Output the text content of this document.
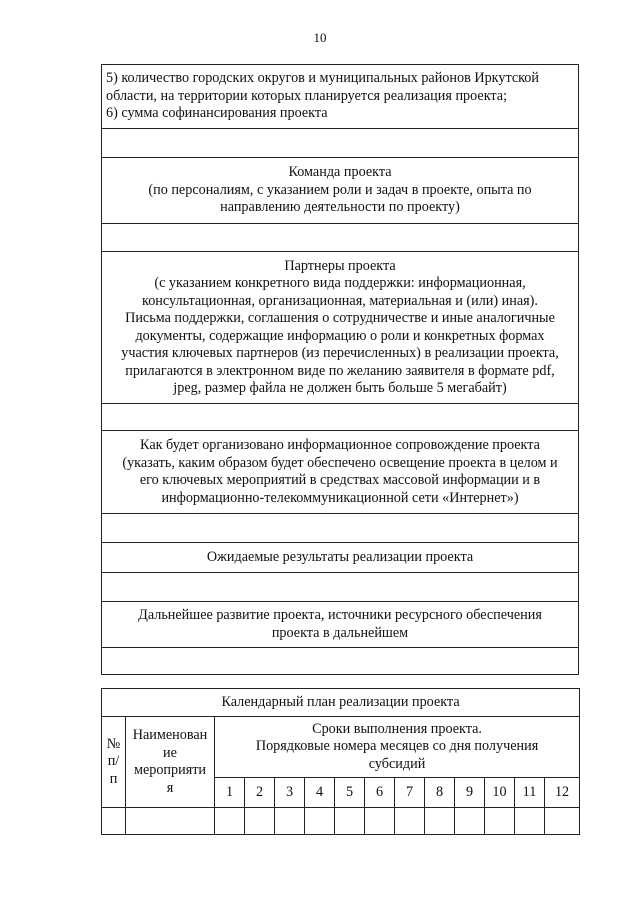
10
5) количество городских округов и муниципальных районов Иркутской
области, на территории которых планируется реализация проекта;
6) сумма софинансирования проекта

Команда проекта
(по персоналиям, с указанием роли и задач в проекте, опыта по
направлению деятельности по проекту)

Партнеры проекта
(с указанием конкретного вида поддержки: информационная,
консультационная, организационная, материальная и (или) иная).
Письма поддержки, соглашения о сотрудничестве и иные аналогичные
документы, содержащие информацию о роли и конкретных формах
участия ключевых партнеров (из перечисленных) в реализации проекта,
прилагаются в электронном виде по желанию заявителя в формате pdf,
jpeg, размер файла не должен быть больше 5 мегабайт)

Как будет организовано информационное сопровождение проекта
(указать, каким образом будет обеспечено освещение проекта в целом и
его ключевых мероприятий в средствах массовой информации и в
информационно-телекоммуникационной сети «Интернет»)

Ожидаемые результаты реализации проекта

Дальнейшее развитие проекта, источники ресурсного обеспечения
проекта в дальнейшем

Календарный план реализации проекта													

№
п/
п	Наименован
ие
мероприяти
я	Сроки выполнения проекта.
Порядковые номера месяцев со дня получения
субсидий											

		1	2	3	4	5	6	7	8	9	10	11	12
